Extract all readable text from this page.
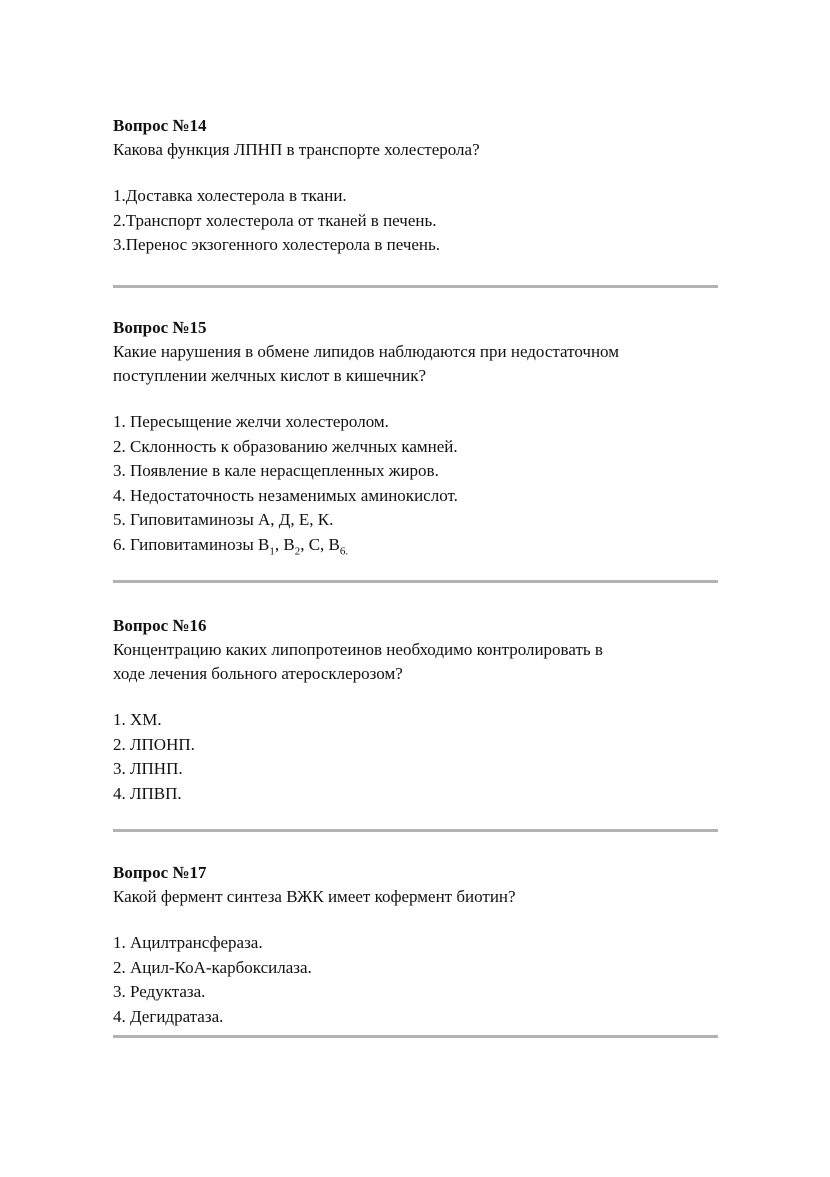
Вопрос №14

Какова функция ЛПНП в транспорте холестерола?

1.Доставка холестерола в ткани.
2.Транспорт холестерола от тканей в печень.
3.Перенос экзогенного холестерола в печень.

Вопрос №15

Какие нарушения в обмене липидов наблюдаются при недостаточном

поступлении желчных кислот в кишечник?

1. Пересыщение желчи холестеролом.
2. Склонность к образованию желчных камней.
3. Появление в кале нерасщепленных жиров.
4. Недостаточность незаменимых аминокислот.
5. Гиповитаминозы А, Д, Е, К.
6. Гиповитаминозы $B_1$, $B_2$, C, $B_{6.}$

Вопрос №16

Концентрацию каких липопротеинов необходимо контролировать в

ходе лечения больного атеросклерозом?

1. ХМ.
2. ЛПОНП.
3. ЛПНП.
4. ЛПВП.

Вопрос №17

Какой фермент синтеза ВЖК имеет кофермент биотин?

1. Ацилтрансфераза.
2. Ацил-КоА-карбоксилаза.
3. Редуктаза.
4. Дегидратаза.
